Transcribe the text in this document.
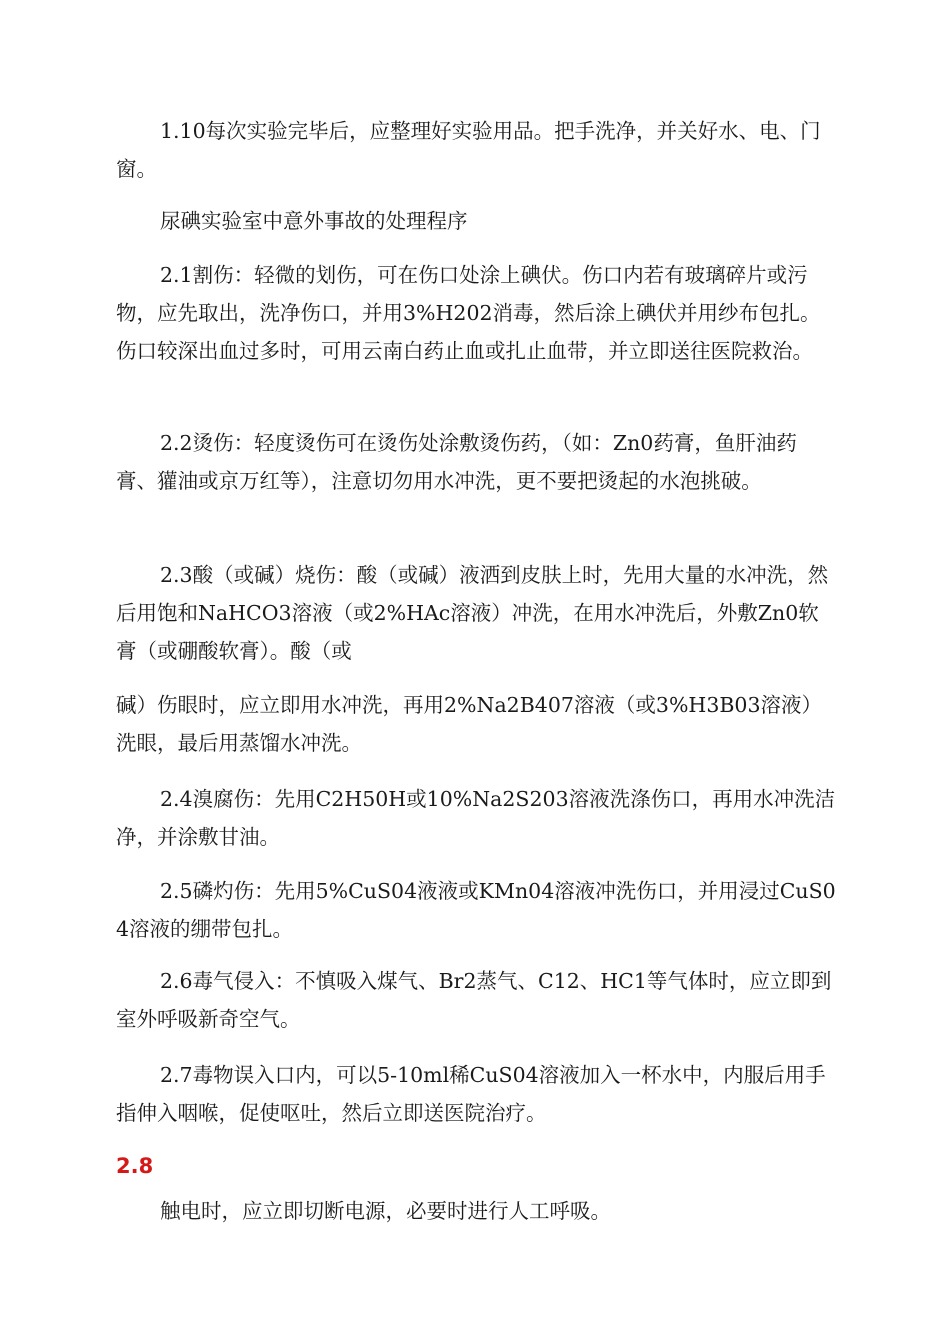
1.10每次实验完毕后，应整理好实验用品。把手洗净，并关好水、电、门窗。

尿碘实验室中意外事故的处理程序

2.1割伤：轻微的划伤，可在伤口处涂上碘伏。伤口内若有玻璃碎片或污物，应先取出，洗净伤口，并用3%H202消毒，然后涂上碘伏并用纱布包扎。伤口较深出血过多时，可用云南白药止血或扎止血带，并立即送往医院救治。

2.2烫伤：轻度烫伤可在烫伤处涂敷烫伤药，（如：Zn0药膏，鱼肝油药膏、獾油或京万红等），注意切勿用水冲洗，更不要把烫起的水泡挑破。

2.3酸（或碱）烧伤：酸（或碱）液洒到皮肤上时，先用大量的水冲洗，然后用饱和NaHCO3溶液（或2%HAc溶液）冲洗，在用水冲洗后，外敷Zn0软膏（或硼酸软膏）。酸（或

碱）伤眼时，应立即用水冲洗，再用2%Na2B407溶液（或3%H3B03溶液）洗眼，最后用蒸馏水冲洗。

2.4溴腐伤：先用C2H50H或10%Na2S203溶液洗涤伤口，再用水冲洗洁净，并涂敷甘油。

2.5磷灼伤：先用5%CuS04液液或KMn04溶液冲洗伤口，并用浸过CuS04溶液的绷带包扎。

2.6毒气侵入：不慎吸入煤气、Br2蒸气、C12、HC1等气体时，应立即到室外呼吸新奇空气。

2.7毒物误入口内，可以5-10ml稀CuS04溶液加入一杯水中，内服后用手指伸入咽喉，促使呕吐，然后立即送医院治疗。

2.8

触电时，应立即切断电源，必要时进行人工呼吸。
